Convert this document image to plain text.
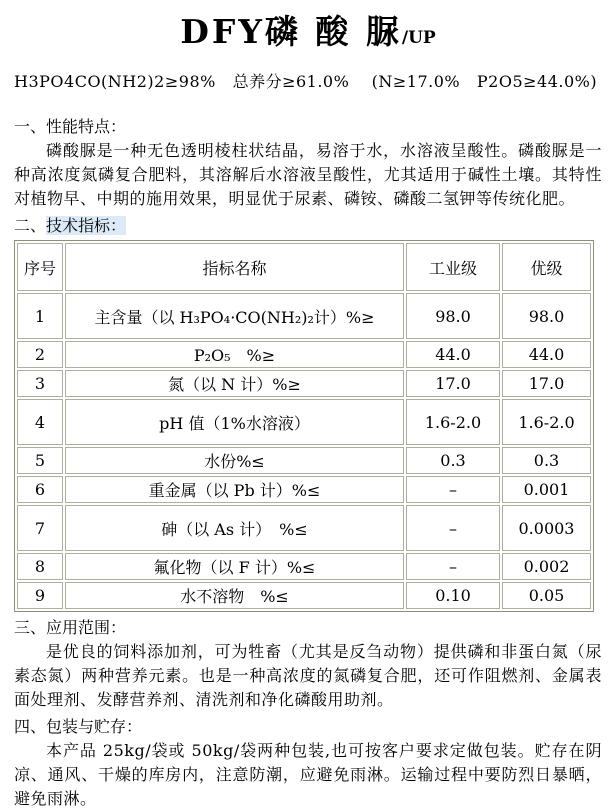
DFY磷 酸 脲/UP
H3PO4CO(NH2)2≥98%   总养分≥61.0%    (N≥17.0%   P2O5≥44.0%)
一、性能特点：

磷酸脲是一种无色透明棱柱状结晶，易溶于水，水溶液呈酸性。磷酸脲是一种高浓度氮磷复合肥料，其溶解后水溶液呈酸性，尤其适用于碱性土壤。其特性对植物早、中期的施用效果，明显优于尿素、磷铵、磷酸二氢钾等传统化肥。

二、技术指标：
序号	指标名称	工业级	优级
1	主含量（以 H₃PO₄·CO(NH₂)₂计）%≥	98.0	98.0
2	P₂O₅　%≥	44.0	44.0
3	氮（以 N 计）%≥	17.0	17.0
4	pH 值（1%水溶液）	1.6-2.0	1.6-2.0
5	水份%≤	0.3	0.3
6	重金属（以 Pb 计）%≤	–	0.001
7	砷（以 As 计）　%≤	–	0.0003
8	氟化物（以 F 计）%≤	–	0.002
9	水不溶物　%≤	0.10	0.05
三、应用范围：

是优良的饲料添加剂，可为牲畜（尤其是反刍动物）提供磷和非蛋白氮（尿素态氮）两种营养元素。也是一种高浓度的氮磷复合肥，还可作阻燃剂、金属表面处理剂、发酵营养剂、清洗剂和净化磷酸用助剂。

四、包装与贮存：

本产品 25kg/袋或 50kg/袋两种包装,也可按客户要求定做包装。贮存在阴凉、通风、干燥的库房内，注意防潮，应避免雨淋。运输过程中要防烈日暴晒，避免雨淋。
